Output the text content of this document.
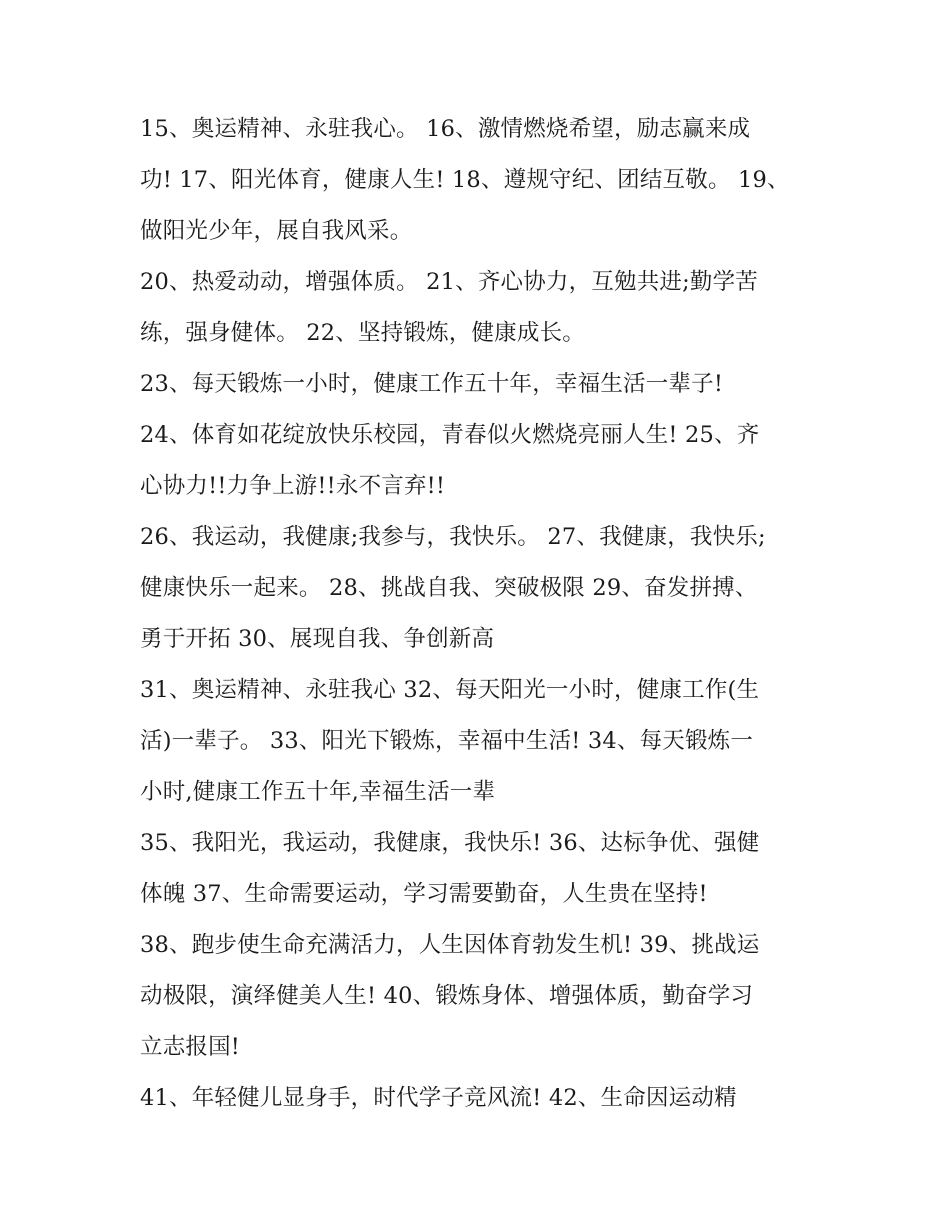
15、奥运精神、永驻我心。 16、激情燃烧希望，励志赢来成
功! 17、阳光体育，健康人生! 18、遵规守纪、团结互敬。 19、
做阳光少年，展自我风采。
20、热爱动动，增强体质。 21、齐心协力，互勉共进;勤学苦
练，强身健体。 22、坚持锻炼，健康成长。
23、每天锻炼一小时，健康工作五十年，幸福生活一辈子!
24、体育如花绽放快乐校园，青春似火燃烧亮丽人生! 25、齐
心协力!!力争上游!!永不言弃!!
26、我运动，我健康;我参与，我快乐。 27、我健康，我快乐;
健康快乐一起来。 28、挑战自我、突破极限 29、奋发拼搏、
勇于开拓 30、展现自我、争创新高
31、奥运精神、永驻我心 32、每天阳光一小时，健康工作(生
活)一辈子。 33、阳光下锻炼，幸福中生活! 34、每天锻炼一
小时,健康工作五十年,幸福生活一辈
35、我阳光，我运动，我健康，我快乐! 36、达标争优、强健
体魄 37、生命需要运动，学习需要勤奋，人生贵在坚持!
38、跑步使生命充满活力，人生因体育勃发生机! 39、挑战运
动极限，演绎健美人生! 40、锻炼身体、增强体质，勤奋学习
立志报国!
41、年轻健儿显身手，时代学子竞风流! 42、生命因运动精
